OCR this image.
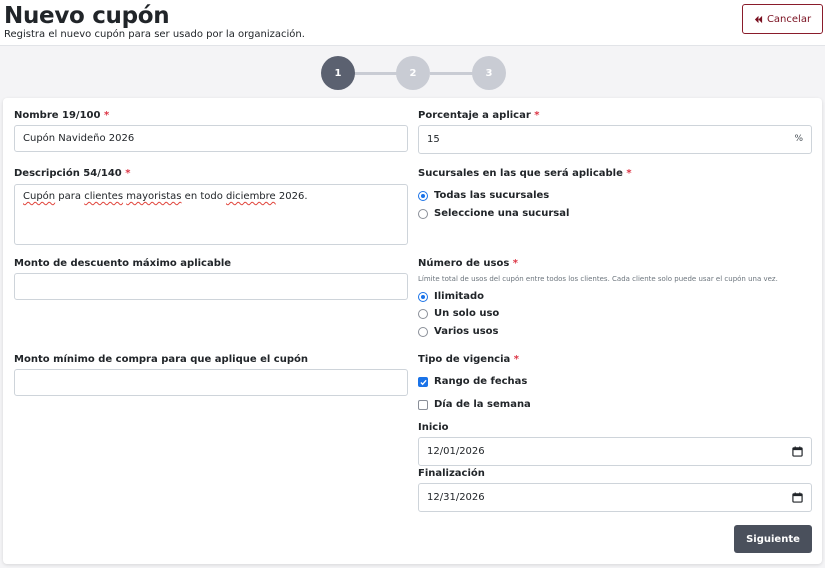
Nuevo cupón
Registra el nuevo cupón para ser usado por la organización.
Cancelar
1	2	3
Nombre 19/100 *
Cupón Navideño 2026
Descripción 54/140 *
Cupón para clientes mayoristas en todo diciembre 2026.
Monto de descuento máximo aplicable
Monto mínimo de compra para que aplique el cupón
Porcentaje a aplicar *
15	%
Sucursales en las que será aplicable *
Todas las sucursales
Seleccione una sucursal
Número de usos *
Límite total de usos del cupón entre todos los clientes. Cada cliente solo puede usar el cupón una vez.
Ilimitado
Un solo uso
Varios usos
Tipo de vigencia *
Rango de fechas
Día de la semana
Inicio
12/01/2026
Finalización
12/31/2026
Siguiente
